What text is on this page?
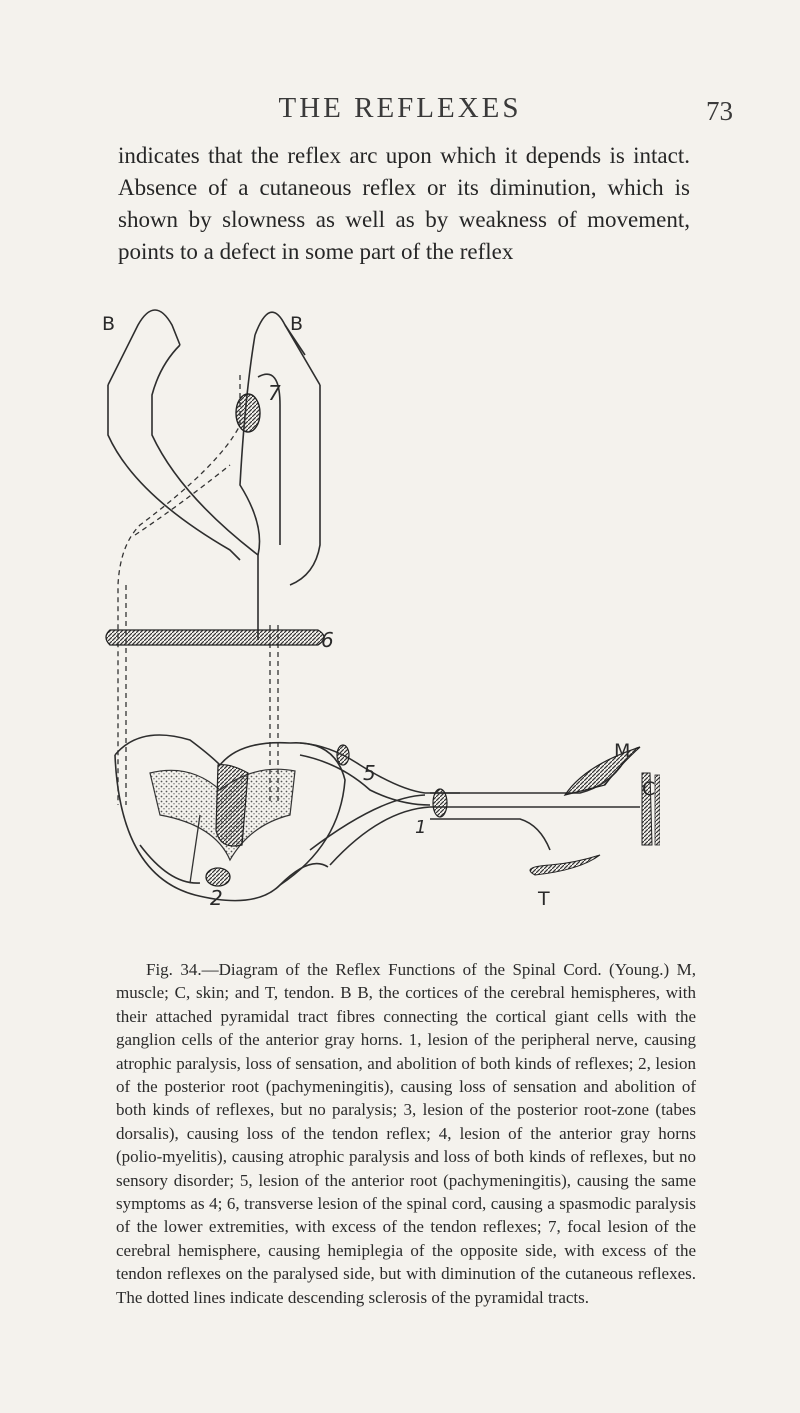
THE REFLEXES	73
indicates that the reflex arc upon which it depends is intact. Absence of a cutaneous reflex or its diminution, which is shown by slowness as well as by weakness of movement, points to a defect in some part of the reflex
B	B
7
6
M
5
C
1
2	T
Fig. 34.—Diagram of the Reflex Functions of the Spinal Cord. (Young.) M, muscle; C, skin; and T, tendon. B B, the cortices of the cerebral hemispheres, with their attached pyramidal tract fibres connecting the cortical giant cells with the ganglion cells of the anterior gray horns. 1, lesion of the peripheral nerve, causing atrophic paralysis, loss of sensation, and abolition of both kinds of reflexes; 2, lesion of the posterior root (pachymeningitis), causing loss of sensation and abolition of both kinds of reflexes, but no paralysis; 3, lesion of the posterior root-zone (tabes dorsalis), causing loss of the tendon reflex; 4, lesion of the anterior gray horns (polio-myelitis), causing atrophic paralysis and loss of both kinds of reflexes, but no sensory disorder; 5, lesion of the anterior root (pachymeningitis), causing the same symptoms as 4; 6, transverse lesion of the spinal cord, causing a spasmodic paralysis of the lower extremities, with excess of the tendon reflexes; 7, focal lesion of the cerebral hemisphere, causing hemiplegia of the opposite side, with excess of the tendon reflexes on the paralysed side, but with diminution of the cutaneous reflexes. The dotted lines indicate descending sclerosis of the pyramidal tracts.
